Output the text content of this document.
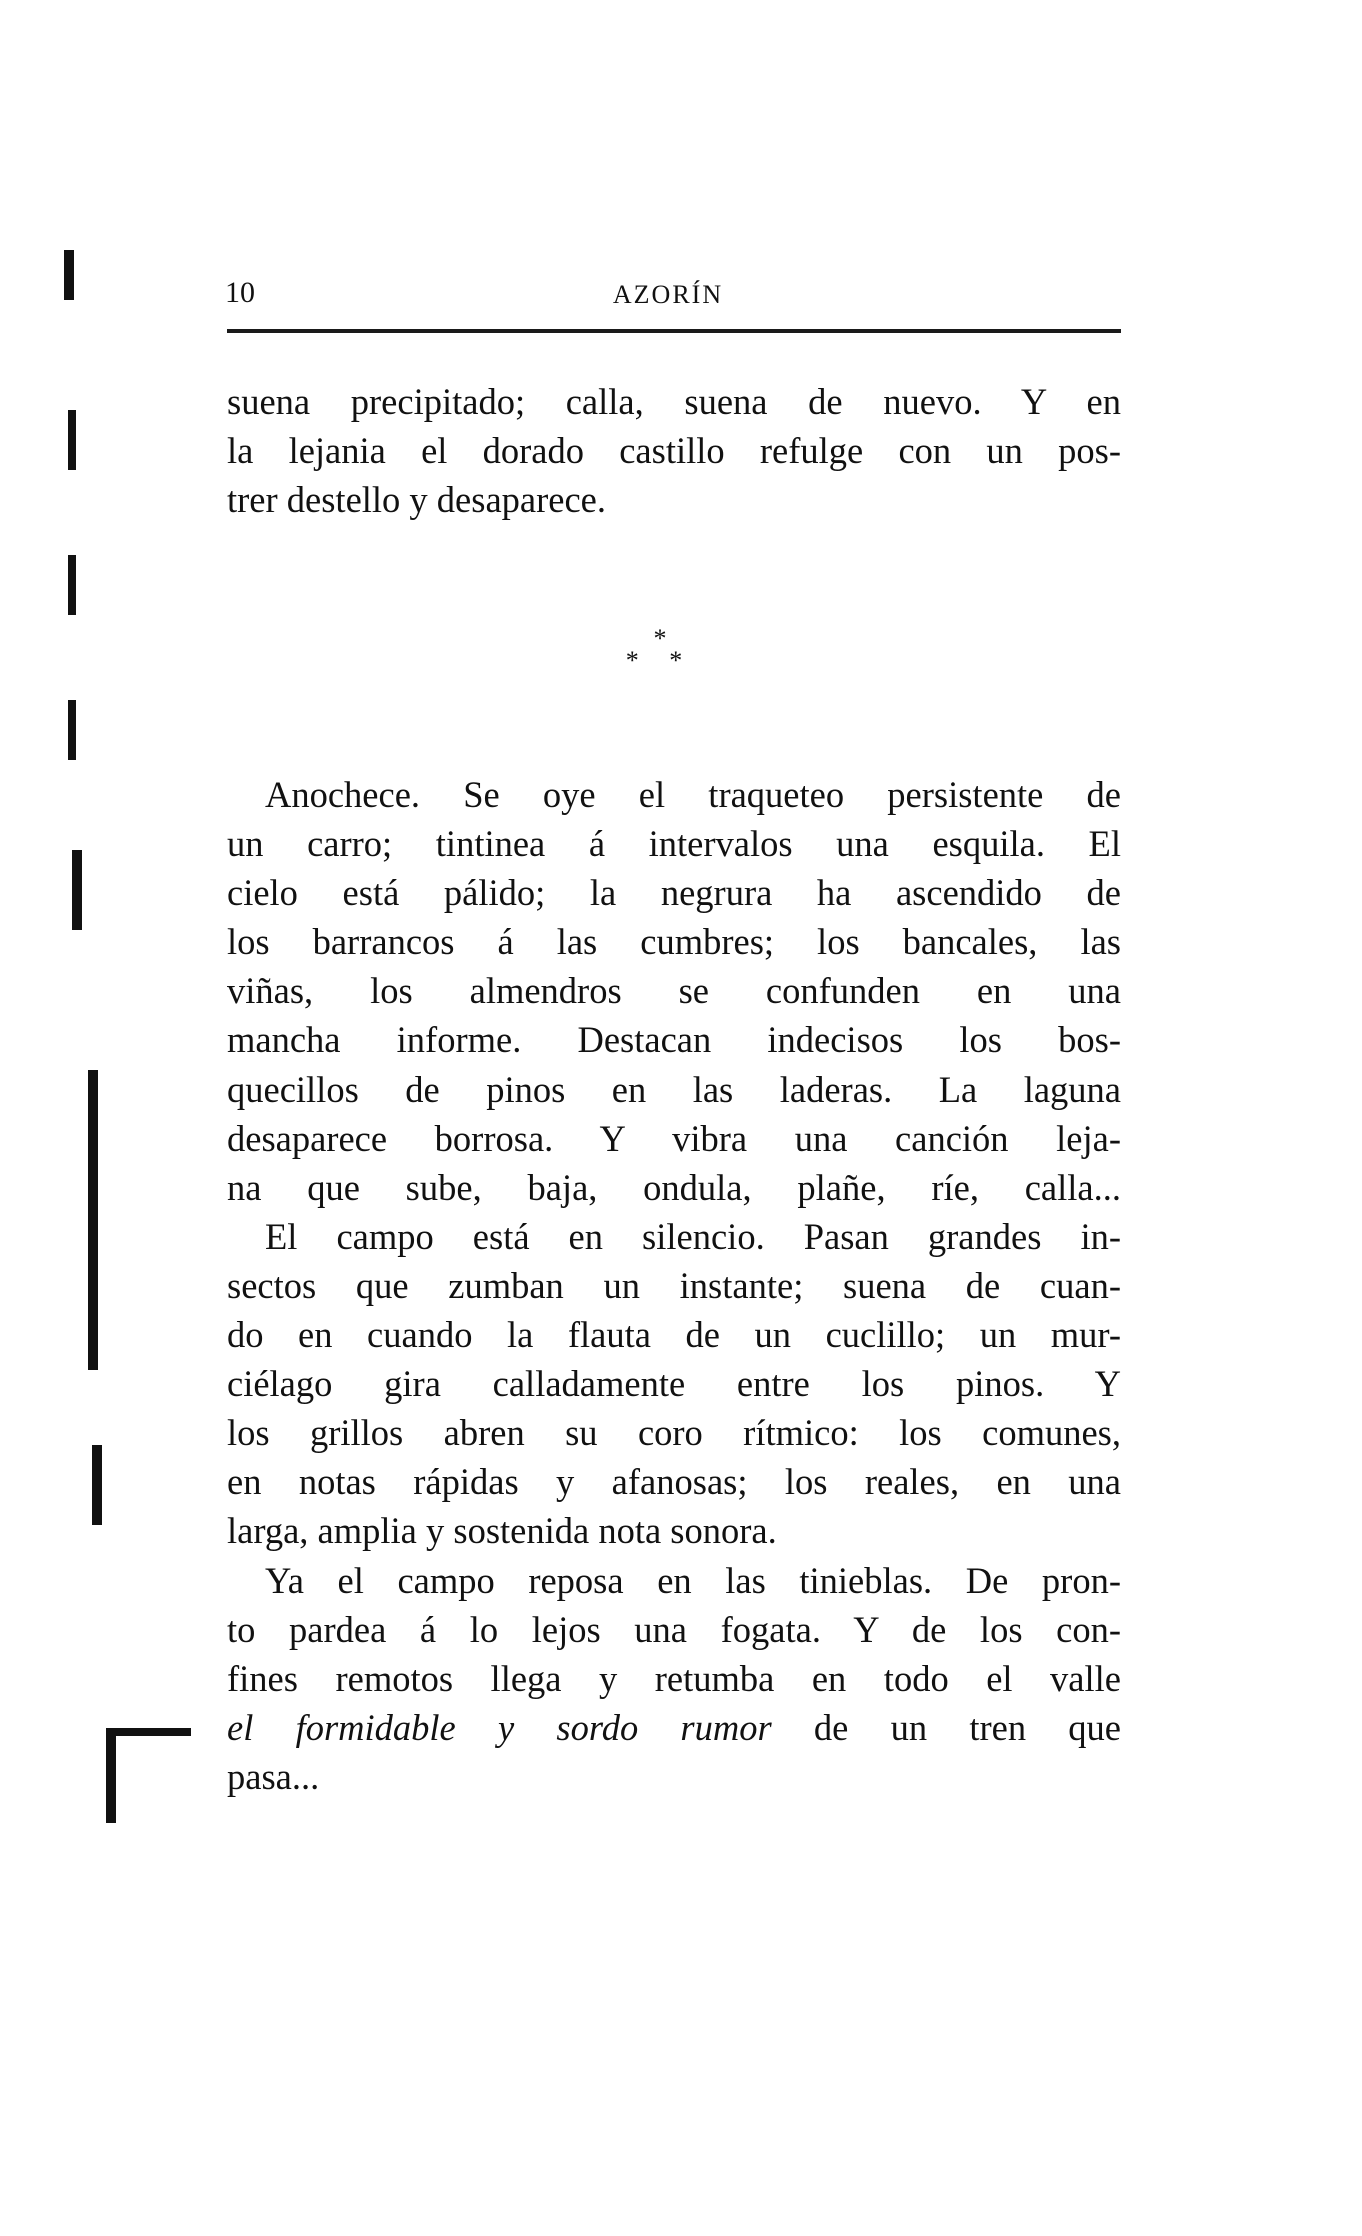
10	AZORÍN
suena precipitado; calla, suena de nuevo. Y en
la lejania el dorado castillo refulge con un pos-
trer destello y desaparece.
*
* *
Anochece. Se oye el traqueteo persistente de
un carro; tintinea á intervalos una esquila. El
cielo está pálido; la negrura ha ascendido de
los barrancos á las cumbres; los bancales, las
viñas, los almendros se confunden en una
mancha informe. Destacan indecisos los bos-
quecillos de pinos en las laderas. La laguna
desaparece borrosa. Y vibra una canción leja-
na que sube, baja, ondula, plañe, ríe, calla...
El campo está en silencio. Pasan grandes in-
sectos que zumban un instante; suena de cuan-
do en cuando la flauta de un cuclillo; un mur-
ciélago gira calladamente entre los pinos. Y
los grillos abren su coro rítmico: los comunes,
en notas rápidas y afanosas; los reales, en una
larga, amplia y sostenida nota sonora.
Ya el campo reposa en las tinieblas. De pron-
to pardea á lo lejos una fogata. Y de los con-
fines remotos llega y retumba en todo el valle
el formidable y sordo rumor de un tren que
pasa...
